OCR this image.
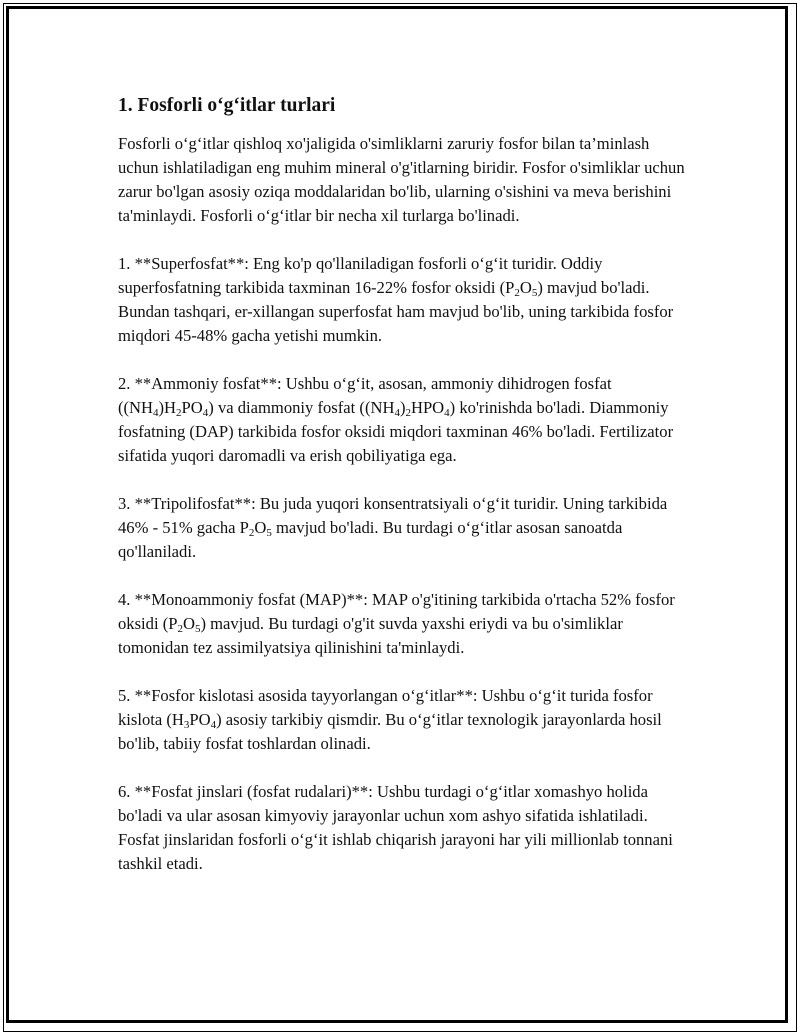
1. Fosforli o‘g‘itlar turlari

Fosforli o‘g‘itlar qishloq xo'jaligida o'simliklarni zaruriy fosfor bilan ta’minlash uchun ishlatiladigan eng muhim mineral o'g'itlarning biridir. Fosfor o'simliklar uchun zarur bo'lgan asosiy oziqa moddalaridan bo'lib, ularning o'sishini va meva berishini ta'minlaydi. Fosforli o‘g‘itlar bir necha xil turlarga bo'linadi.

1. **Superfosfat**: Eng ko'p qo'llaniladigan fosforli o‘g‘it turidir. Oddiy superfosfatning tarkibida taxminan 16-22% fosfor oksidi $(P_2O_5)$ mavjud bo'ladi. Bundan tashqari, er-xillangan superfosfat ham mavjud bo'lib, uning tarkibida fosfor miqdori 45-48% gacha yetishi mumkin.

2. **Ammoniy fosfat**: Ushbu o‘g‘it, asosan, ammoniy dihidrogen fosfat $((NH_4)H_2PO_4)$ va diammoniy fosfat $((NH_4)_2HPO_4)$ ko'rinishda bo'ladi. Diammoniy fosfatning (DAP) tarkibida fosfor oksidi miqdori taxminan 46% bo'ladi. Fertilizator sifatida yuqori daromadli va erish qobiliyatiga ega.

3. **Tripolifosfat**: Bu juda yuqori konsentratsiyali o‘g‘it turidir. Uning tarkibida 46% - 51% gacha $P_2O_5$ mavjud bo'ladi. Bu turdagi o‘g‘itlar asosan sanoatda qo'llaniladi.

4. **Monoammoniy fosfat (MAP)**: MAP o'g'itining tarkibida o'rtacha 52% fosfor oksidi $(P_2O_5)$ mavjud. Bu turdagi o'g'it suvda yaxshi eriydi va bu o'simliklar tomonidan tez assimilyatsiya qilinishini ta'minlaydi.

5. **Fosfor kislotasi asosida tayyorlangan o‘g‘itlar**: Ushbu o‘g‘it turida fosfor kislota $(H_3PO_4)$ asosiy tarkibiy qismdir. Bu o‘g‘itlar texnologik jarayonlarda hosil bo'lib, tabiiy fosfat toshlardan olinadi.

6. **Fosfat jinslari (fosfat rudalari)**: Ushbu turdagi o‘g‘itlar xomashyo holida bo'ladi va ular asosan kimyoviy jarayonlar uchun xom ashyo sifatida ishlatiladi. Fosfat jinslaridan fosforli o‘g‘it ishlab chiqarish jarayoni har yili millionlab tonnani tashkil etadi.
